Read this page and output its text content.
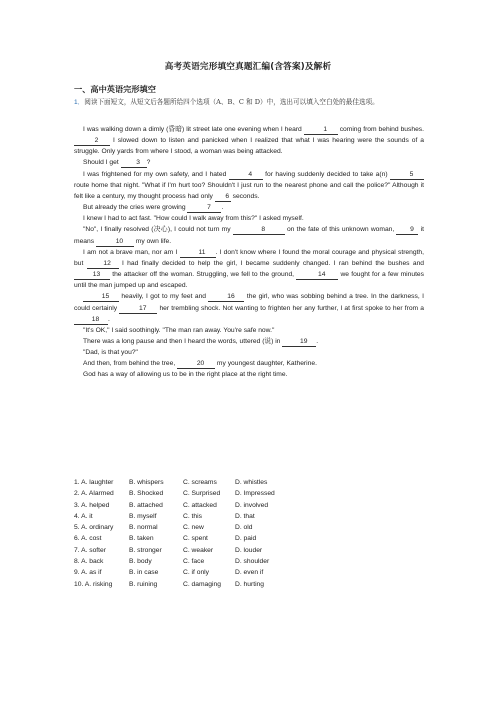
高考英语完形填空真题汇编(含答案)及解析
一、高中英语完形填空
1．阅读下面短文，从短文后各题所给四个选项（A、B、C 和 D）中，选出可以填入空白处的最佳选项。

I was walking down a dimly (昏暗) lit street late one evening when I heard	1 coming from behind bushes. 2 I slowed down to listen and panicked when I realized that what I was hearing were the sounds of a struggle. Only yards from where I stood, a woman was being attacked.

Should I get 3 ?

I was frightened for my own safety, and I hated	4 for having suddenly decided to take a(n)	5 route home that night. "What if I'm hurt too? Shouldn't I just run to the nearest phone and call the police?" Although it felt like a century, my thought process had only 6 seconds.

But already the cries were growing	7 .

I knew I had to act fast. "How could I walk away from this?" I asked myself.

"No", I finally resolved (决心), I could not turn my	8	on the fate of this unknown woman, 9 it means	10 my own life.

I am not a brave man, nor am I	11 . I don't know where I found the moral courage and physical strength, but	12 I had finally decided to help the girl, I became suddenly changed. I ran behind the bushes and 13 the attacker off the woman. Struggling, we fell to the ground,	14 we fought for a few minutes until the man jumped up and escaped.

15 heavily, I got to my feet and	16 the girl, who was sobbing behind a tree. In the darkness, I could certainly	17 her trembling shock. Not wanting to frighten her any further, I at first spoke to her from a 18 .

"It's OK," I said soothingly. "The man ran away. You're safe now."

There was a long pause and then I heard the words, uttered (说) in	19 .

"Dad, is that you?"

And then, from behind the tree,	20 my youngest daughter, Katherine.

God has a way of allowing us to be in the right place at the right time.

1. A. laughter	B. whispers	C. screams	D. whistles
2. A. Alarmed	B. Shocked	C. Surprised	D. Impressed
3. A. helped	B. attached	C. attacked	D. involved
4. A. it	B. myself	C. this	D. that
5. A. ordinary	B. normal	C. new	D. old
6. A. cost	B. taken	C. spent	D. paid
7. A. softer	B. stronger	C. weaker	D. louder
8. A. back	B. body	C. face	D. shoulder
9. A. as if	B. in case	C. if only	D. even if
10. A. risking	B. ruining	C. damaging	D. hurting
